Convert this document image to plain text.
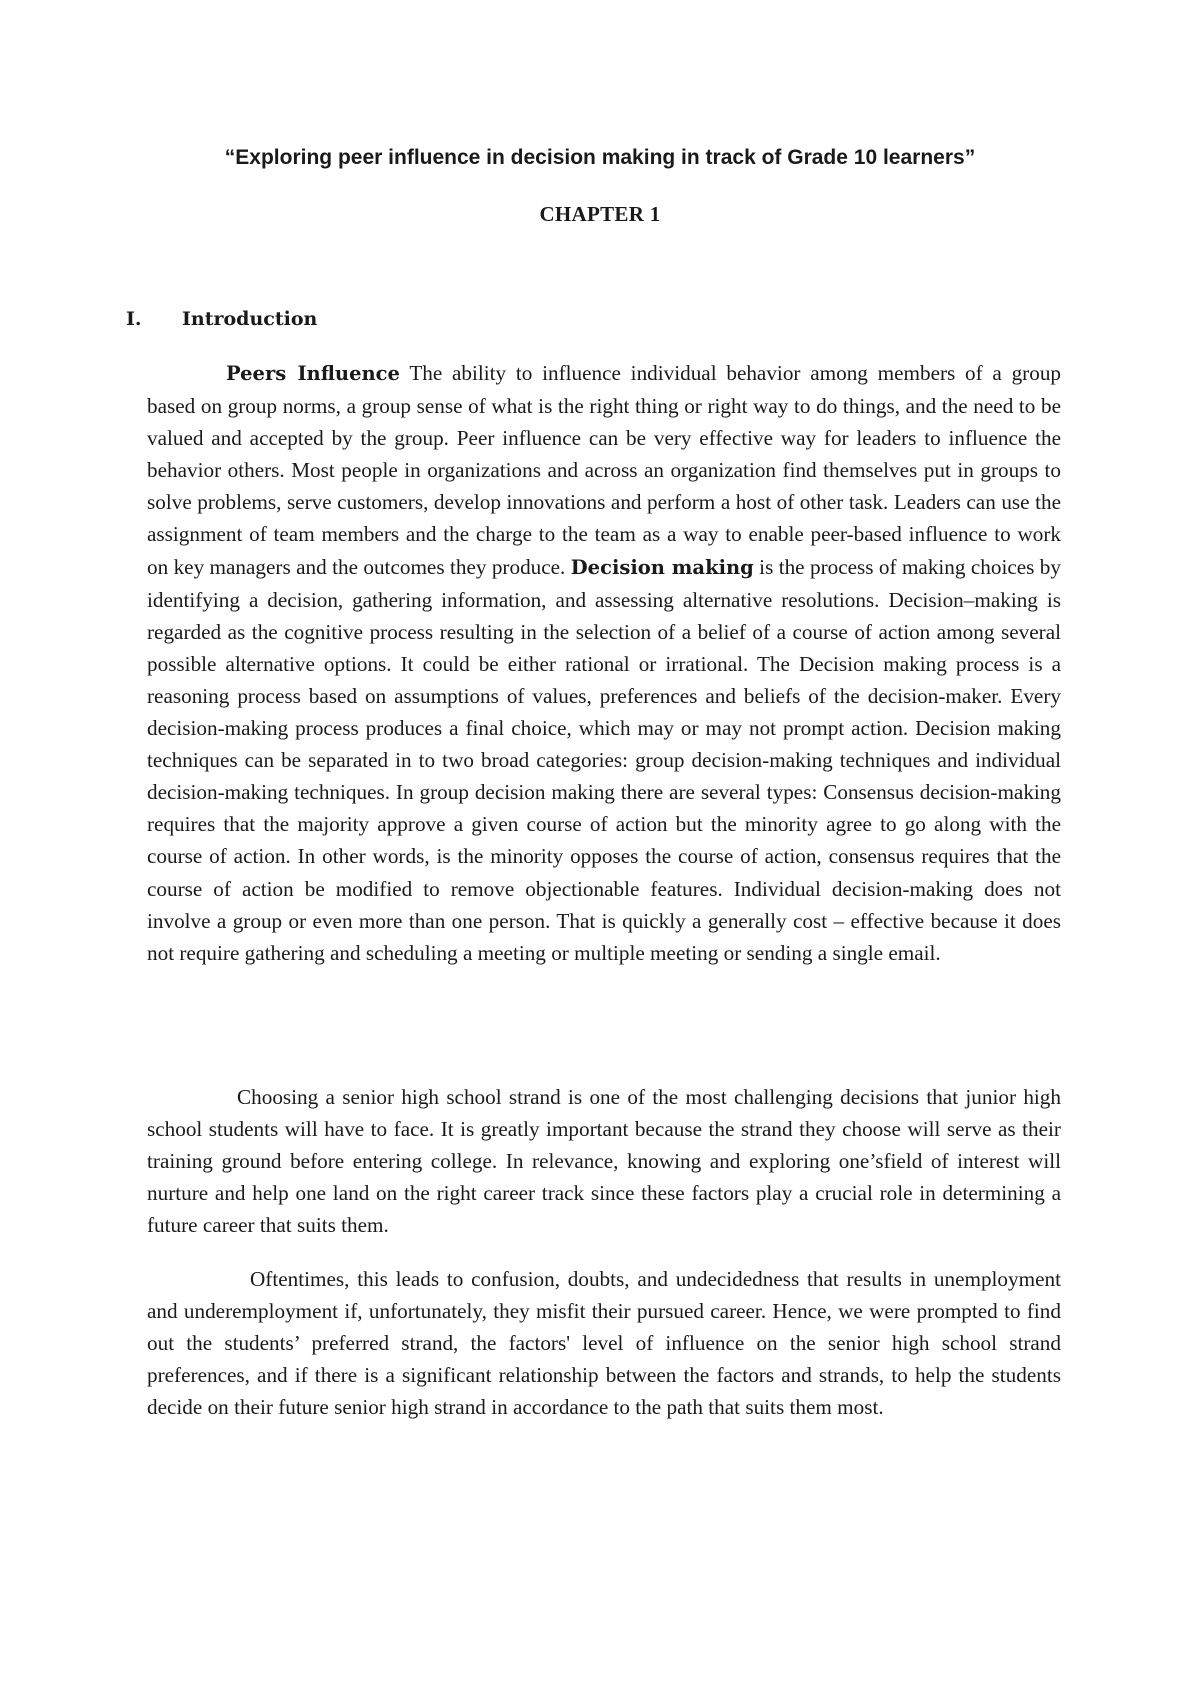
“Exploring peer influence in decision making in track of Grade 10 learners”
CHAPTER 1
I. Introduction

Peers Influence The ability to influence individual behavior among members of a group based on group norms, a group sense of what is the right thing or right way to do things, and the need to be valued and accepted by the group. Peer influence can be very effective way for leaders to influence the behavior others. Most people in organizations and across an organization find themselves put in groups to solve problems, serve customers, develop innovations and perform a host of other task. Leaders can use the assignment of team members and the charge to the team as a way to enable peer-based influence to work on key managers and the outcomes they produce. Decision making is the process of making choices by identifying a decision, gathering information, and assessing alternative resolutions. Decision–making is regarded as the cognitive process resulting in the selection of a belief of a course of action among several possible alternative options. It could be either rational or irrational. The Decision making process is a reasoning process based on assumptions of values, preferences and beliefs of the decision-maker. Every decision-making process produces a final choice, which may or may not prompt action. Decision making techniques can be separated in to two broad categories: group decision-making techniques and individual decision-making techniques. In group decision making there are several types: Consensus decision-making requires that the majority approve a given course of action but the minority agree to go along with the course of action. In other words, is the minority opposes the course of action, consensus requires that the course of action be modified to remove objectionable features. Individual decision-making does not involve a group or even more than one person. That is quickly a generally cost – effective because it does not require gathering and scheduling a meeting or multiple meeting or sending a single email.

Choosing a senior high school strand is one of the most challenging decisions that junior high school students will have to face. It is greatly important because the strand they choose will serve as their training ground before entering college. In relevance, knowing and exploring one’sfield of interest will nurture and help one land on the right career track since these factors play a crucial role in determining a future career that suits them.

Oftentimes, this leads to confusion, doubts, and undecidedness that results in unemployment and underemployment if, unfortunately, they misfit their pursued career. Hence, we were prompted to find out the students’ preferred strand, the factors' level of influence on the senior high school strand preferences, and if there is a significant relationship between the factors and strands, to help the students decide on their future senior high strand in accordance to the path that suits them most.
